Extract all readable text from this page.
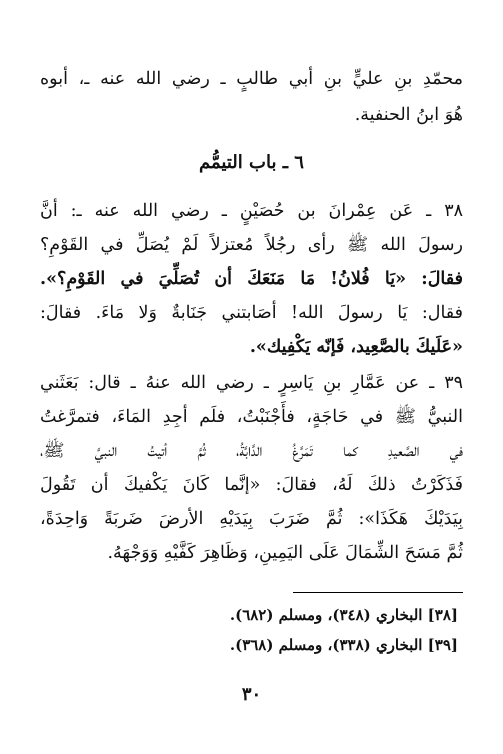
محمّدِ بنِ عليٍّ بنِ أبي طالبٍ ـ رضي الله عنه ـ، أبوه
هُوَ ابنُ الحنفية.
٦ ـ باب التيمُّم
٣٨ ـ عَن عِمْرانَ بن حُصَيْنٍ ـ رضي الله عنه ـ: أنَّ
رسولَ الله ﷺ رأى رجُلاً مُعتزلاً لَمْ يُصَلِّ في القَوْمِ؟
فقالَ: «يَا فُلانُ! مَا مَنَعَكَ أن تُصَلِّيَ في القَوْمِ؟».
فقال: يَا رسولَ الله! أصَابتني جَنَابةٌ وَلا مَاءَ. فقالَ:
«عَلَيكَ بالصَّعِيد، فَإنّه يَكْفِيك».
٣٩ ـ عن عَمَّارِ بنِ يَاسِرٍ ـ رضي الله عنهُ ـ قال: بَعَثَني
النبيُّ ﷺ في حَاجَةٍ، فأَجْنَبْتُ، فلَم أجِدِ المَاءَ، فتمرَّغتُ
في الصَّعيدِ كما تَمَرَّغُ الدَّابَّةُ، ثُمَّ أتيتُ النبيَّ ﷺ،
فَذَكَرْتُ ذلكَ لَهُ، فقالَ: «إنَّما كَانَ يَكْفيكَ أن تَقُولَ
بِيَدَيْكَ هَكَذَا»: ثُمَّ ضَرَبَ بِيَدَيْهِ الأرضَ ضَربَةً وَاحِدَةً،
ثُمَّ مَسَحَ الشِّمَالَ عَلَى اليَمِينِ، وَظَاهِرَ كَفَّيْهِ وَوَجْهَهُ.
[٣٨] البخاري (٣٤٨)، ومسلم (٦٨٢).
[٣٩] البخاري (٣٣٨)، ومسلم (٣٦٨).
٣٠
